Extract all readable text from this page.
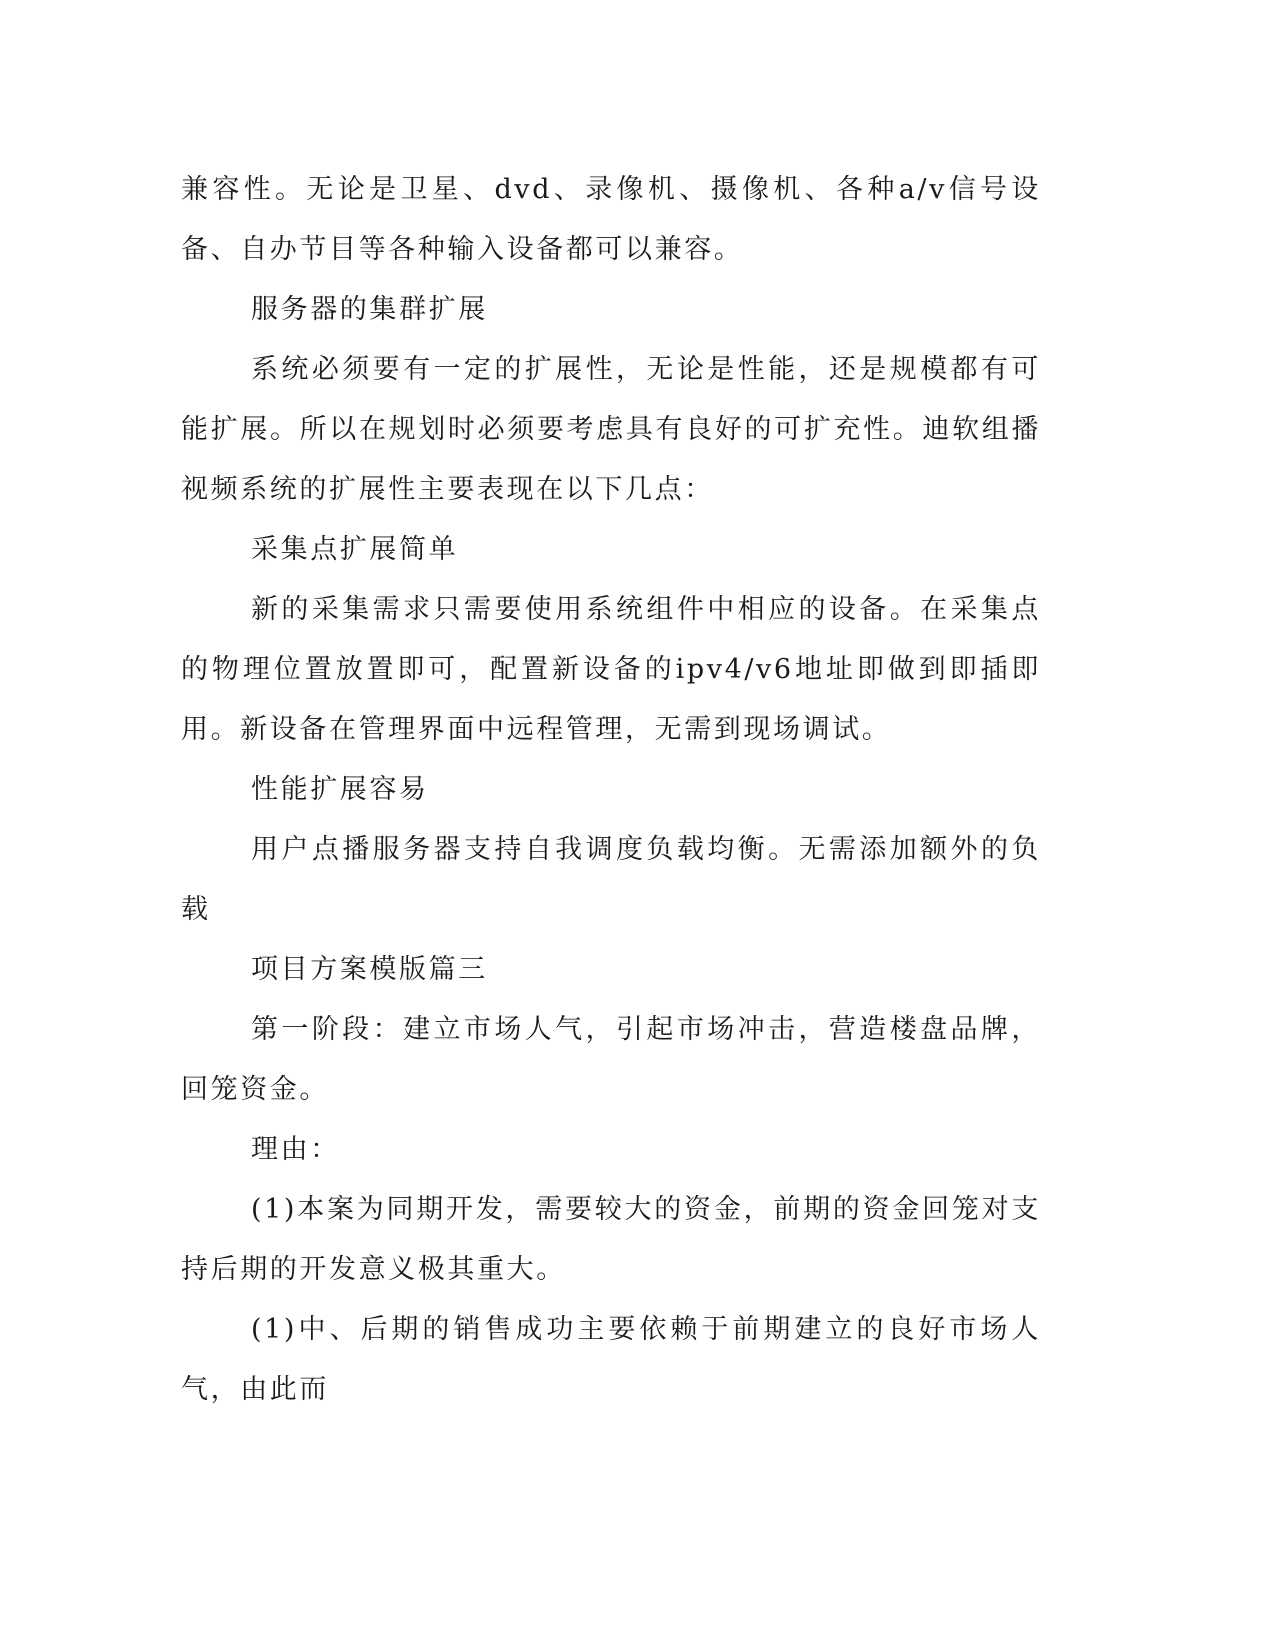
兼容性。无论是卫星、dvd、录像机、摄像机、各种a/v信号设备、自办节目等各种输入设备都可以兼容。

服务器的集群扩展

系统必须要有一定的扩展性，无论是性能，还是规模都有可能扩展。所以在规划时必须要考虑具有良好的可扩充性。迪软组播视频系统的扩展性主要表现在以下几点：

采集点扩展简单

新的采集需求只需要使用系统组件中相应的设备。在采集点的物理位置放置即可，配置新设备的ipv4/v6地址即做到即插即用。新设备在管理界面中远程管理，无需到现场调试。

性能扩展容易

用户点播服务器支持自我调度负载均衡。无需添加额外的负载

项目方案模版篇三

第一阶段：建立市场人气，引起市场冲击，营造楼盘品牌，回笼资金。

理由：

(1)本案为同期开发，需要较大的资金，前期的资金回笼对支持后期的开发意义极其重大。

(1)中、后期的销售成功主要依赖于前期建立的良好市场人气，由此而
